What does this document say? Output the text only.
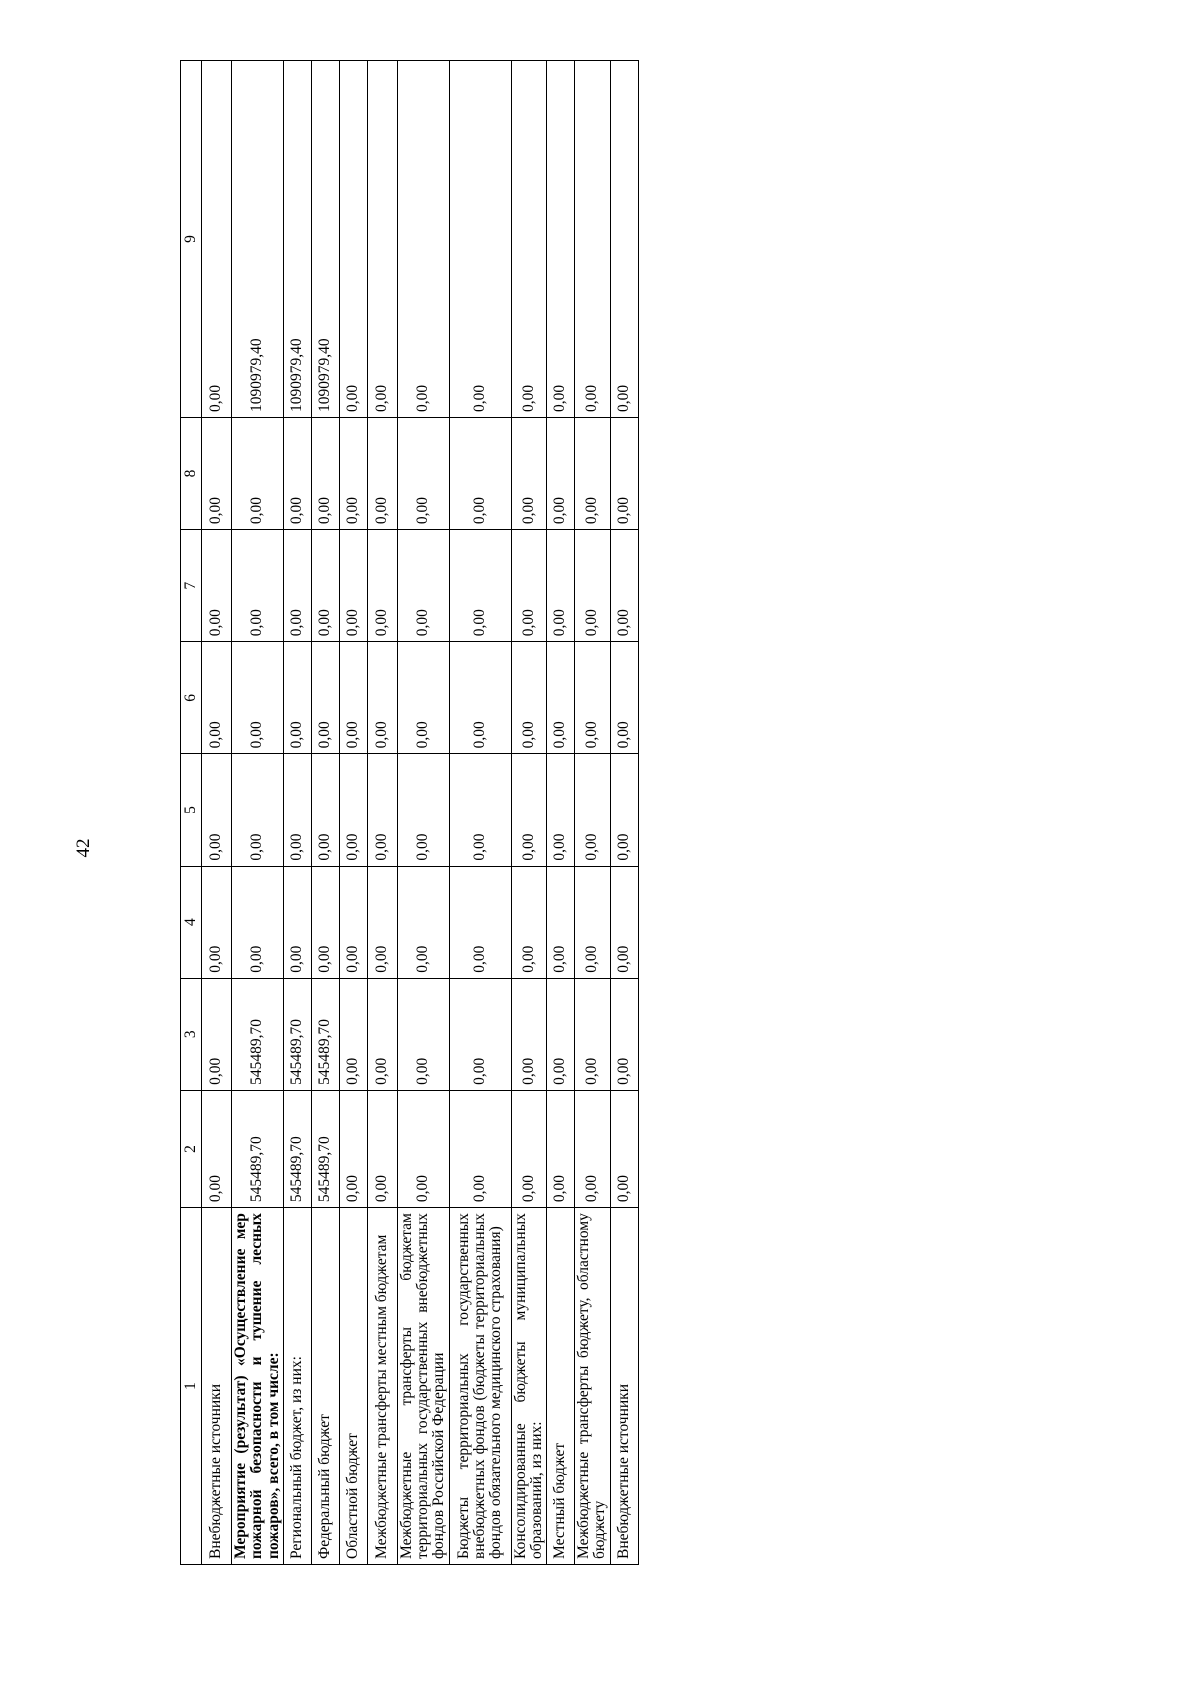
42
1	2	3	4	5	6	7	8	9
Внебюджетные источники	0,00	0,00	0,00	0,00	0,00	0,00	0,00	0,00
Мероприятие (результат) «Осуществление мер пожарной безопасности и тушение лесных пожаров», всего, в том числе:	545489,70	545489,70	0,00	0,00	0,00	0,00	0,00	1090979,40
Региональный бюджет, из них:	545489,70	545489,70	0,00	0,00	0,00	0,00	0,00	1090979,40
Федеральный бюджет	545489,70	545489,70	0,00	0,00	0,00	0,00	0,00	1090979,40
Областной бюджет	0,00	0,00	0,00	0,00	0,00	0,00	0,00	0,00
Межбюджетные трансферты местным бюджетам	0,00	0,00	0,00	0,00	0,00	0,00	0,00	0,00
Межбюджетные трансферты бюджетам территориальных государственных внебюджетных фондов Российской Федерации	0,00	0,00	0,00	0,00	0,00	0,00	0,00	0,00
Бюджеты территориальных государственных внебюджетных фондов (бюджеты территориальных фондов обязательного медицинского страхования)	0,00	0,00	0,00	0,00	0,00	0,00	0,00	0,00
Консолидированные бюджеты муниципальных образований, из них:	0,00	0,00	0,00	0,00	0,00	0,00	0,00	0,00
Местный бюджет	0,00	0,00	0,00	0,00	0,00	0,00	0,00	0,00
Межбюджетные трансферты бюджету, областному бюджету	0,00	0,00	0,00	0,00	0,00	0,00	0,00	0,00
Внебюджетные источники	0,00	0,00	0,00	0,00	0,00	0,00	0,00	0,00
